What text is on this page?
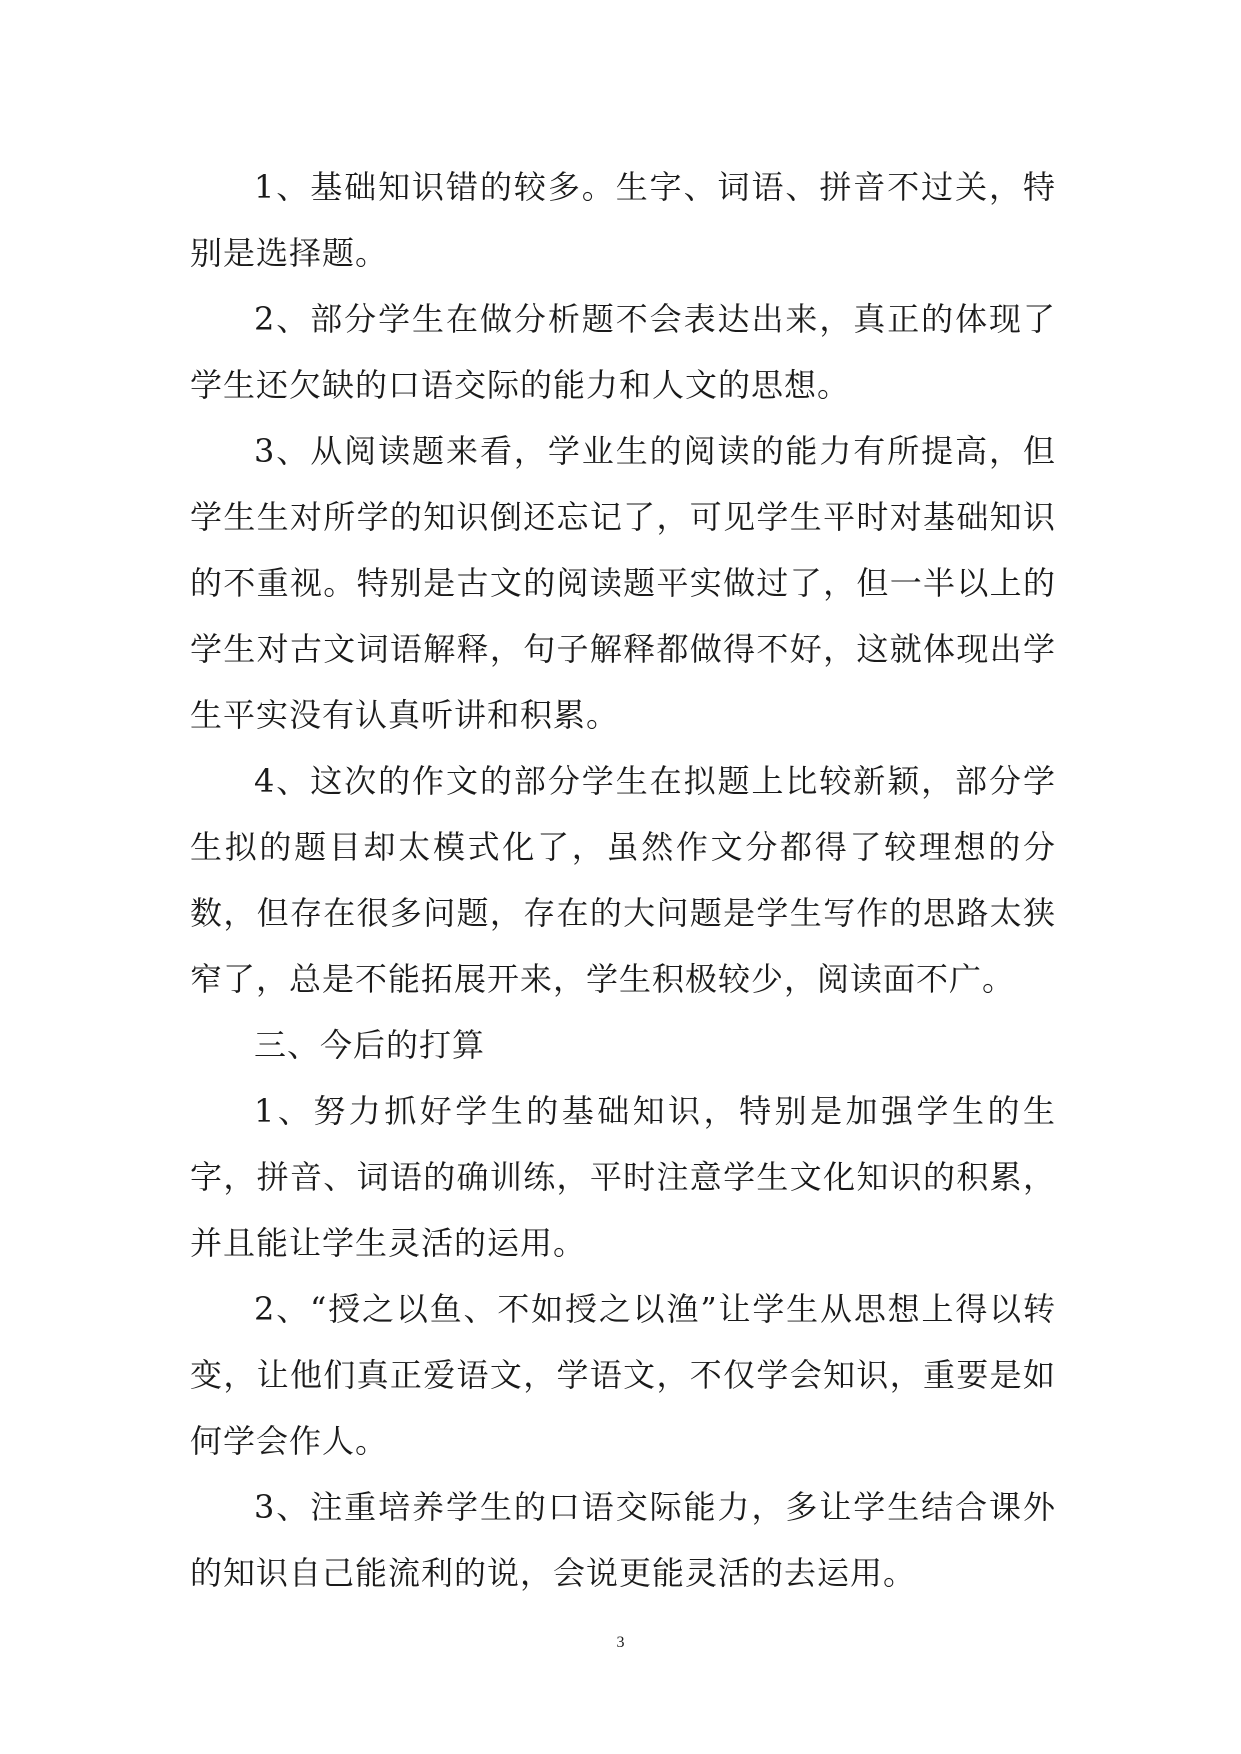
1、基础知识错的较多。生字、词语、拼音不过关，特别是选择题。

2、部分学生在做分析题不会表达出来，真正的体现了学生还欠缺的口语交际的能力和人文的思想。

3、从阅读题来看，学业生的阅读的能力有所提高，但学生生对所学的知识倒还忘记了，可见学生平时对基础知识的不重视。特别是古文的阅读题平实做过了，但一半以上的学生对古文词语解释，句子解释都做得不好，这就体现出学生平实没有认真听讲和积累。

4、这次的作文的部分学生在拟题上比较新颖，部分学生拟的题目却太模式化了，虽然作文分都得了较理想的分数，但存在很多问题，存在的大问题是学生写作的思路太狭窄了，总是不能拓展开来，学生积极较少，阅读面不广。

三、今后的打算

1、努力抓好学生的基础知识，特别是加强学生的生字，拼音、词语的确训练，平时注意学生文化知识的积累，并且能让学生灵活的运用。

2、“授之以鱼、不如授之以渔”让学生从思想上得以转变，让他们真正爱语文，学语文，不仅学会知识，重要是如何学会作人。

3、注重培养学生的口语交际能力，多让学生结合课外的知识自己能流利的说，会说更能灵活的去运用。

3
